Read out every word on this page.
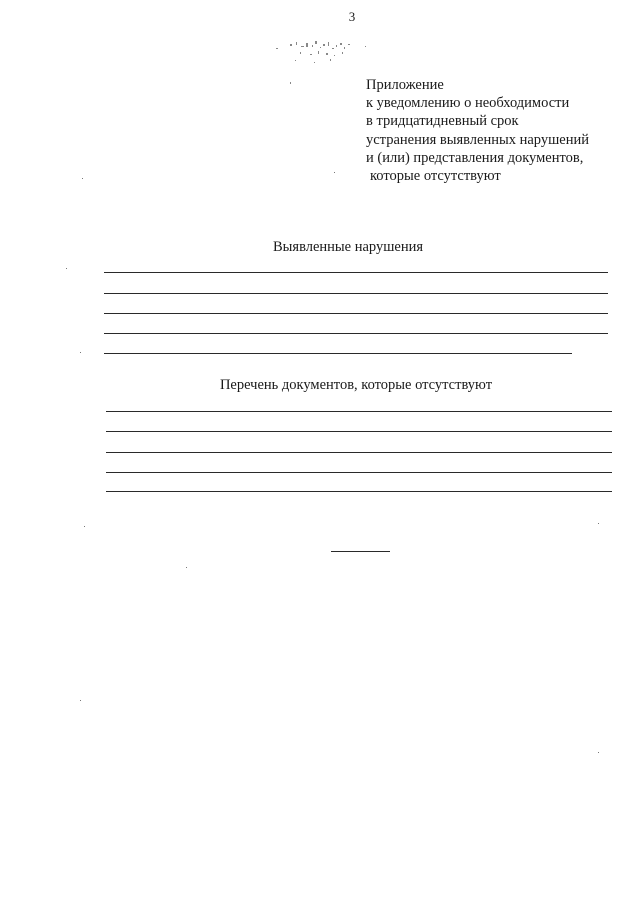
3
Приложение
к уведомлению о необходимости
в тридцатидневный срок
устранения выявленных нарушений
и (или) представления документов,
которые отсутствуют
Выявленные нарушения
Перечень документов, которые отсутствуют
